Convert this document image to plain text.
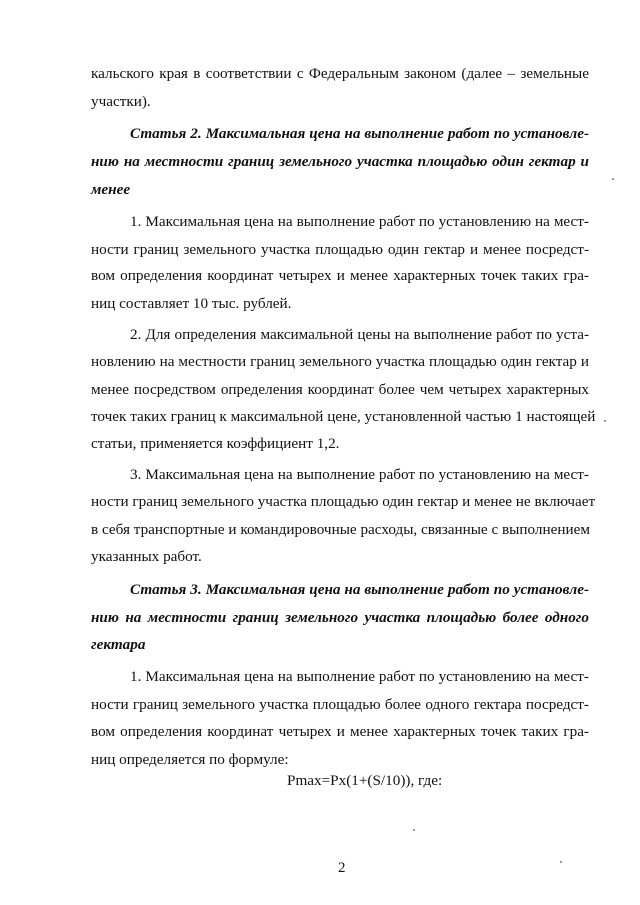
кальского края в соответствии с Федеральным законом (далее – земельные
участки).
Статья 2. Максимальная цена на выполнение работ по установле-
нию на местности границ земельного участка площадью один гектар и
менее
1. Максимальная цена на выполнение работ по установлению на мест-
ности границ земельного участка площадью один гектар и менее посредст-
вом определения координат четырех и менее характерных точек таких гра-
ниц составляет 10 тыс. рублей.
2. Для определения максимальной цены на выполнение работ по уста-
новлению на местности границ земельного участка площадью один гектар и
менее посредством определения координат более чем четырех характерных
точек таких границ к максимальной цене, установленной частью 1 настоящей
статьи, применяется коэффициент 1,2.
3. Максимальная цена на выполнение работ по установлению на мест-
ности границ земельного участка площадью один гектар и менее не включает
в себя транспортные и командировочные расходы, связанные с выполнением
указанных работ.
Статья 3. Максимальная цена на выполнение работ по установле-
нию на местности границ земельного участка площадью более одного
гектара
1. Максимальная цена на выполнение работ по установлению на мест-
ности границ земельного участка площадью более одного гектара посредст-
вом определения координат четырех и менее характерных точек таких гра-
ниц определяется по формуле:
Pmax=Px(1+(S/10)), где:
2
